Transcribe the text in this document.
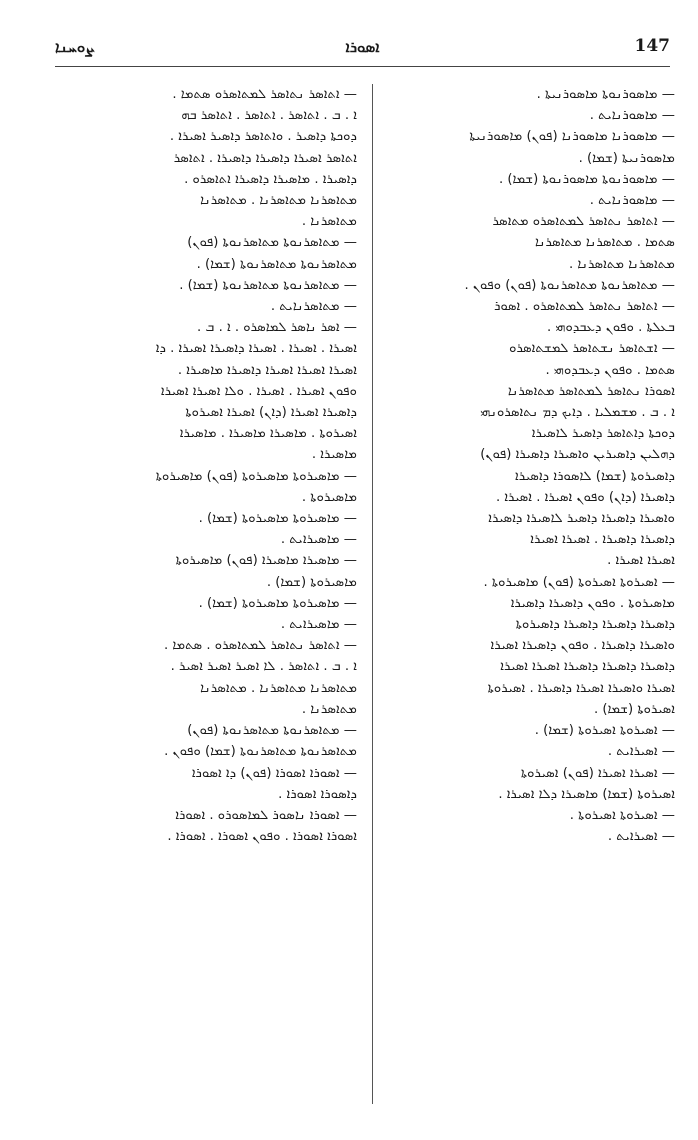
ܨܘܚܢܐ	ܐܣܘܪܐ	147
— ܡܐܣܘܪܢܘܬܐ ܡܐܣܘܪܢܝܬܐ .
— ܡܐܣܘܪܢܐܝܬ .
— ܡܐܣܘܪܢܐ ܡܐܣܘܪܢܐ (ܦܘܢ) ܡܐܣܘܪܢܝܬܐ
ܡܐܣܘܪܢܝܬܐ (ܫܡܐ) .
— ܡܐܣܘܪܢܘܬܐ ܡܐܣܘܪܢܘܬܐ (ܫܡܐ) .
— ܡܐܣܘܪܢܐܝܬ .
— ܐܬܐܣܪ ܢܬܐܣܪ ܠܡܬܐܣܪܘ ܡܬܐܣܪ
ܣܬܡܐ . ܡܬܐܣܪܢܐ ܡܬܐܣܪܢܐ
ܡܬܐܣܪܢܐ ܡܬܐܣܪܢܐ .
— ܡܬܐܣܪܢܘܬܐ ܡܬܐܣܪܢܘܬܐ (ܦܘܢ) ܘܦܘܢ .
— ܐܬܐܣܪ ܢܬܐܣܪ ܠܡܬܐܣܪܘ . ܐܣܘܪ
ܒܥܠܬܐ . ܘܦܘܢ ܕܥܒܕܘܗܝ .
— ܐܫܬܐܣܪ ܢܫܬܐܣܪ ܠܡܫܬܐܣܪܘ
ܣܬܡܐ . ܘܦܘܢ ܕܥܒܕܘܗܝ .
ܐܣܘܪܐ ܢܬܐܣܪ ܠܡܬܐܣܪ ܡܬܐܣܪܢܐ
ܐ . ܒ . ܡܫܡܠܝܐ . ܕܐܝܟ ܕܡ ܢܬܐܣܪܘܢܗܝ
ܕܘܟܬܐ ܕܐܬܐܣܪ ܕܐܣܝܪ ܠܐܣܝܪܐ
ܕܗܠܝܢ ܕܐܣܝܪܝܢ ܘܐܣܝܪܐ ܕܐܣܝܪܐ (ܦܘܢ)
ܕܐܣܝܪܘܬܐ (ܫܡܐ) ܠܐܣܘܪܐ ܕܐܣܝܪܐ
ܕܐܣܝܪܐ (ܕܐܢ) ܘܦܘܢ ܐܣܝܪܐ . ܐܣܝܪܐ .
ܘܐܣܝܪܐ ܕܐܣܝܪܐ ܕܐܣܝܪ ܠܐܣܝܪܐ ܕܐܣܝܪܐ
ܕܐܣܝܪܐ ܕܐܣܝܪܐ . ܐܣܝܪܐ ܐܣܝܪܐ
ܐܣܝܪܐ ܐܣܝܪܐ .
— ܐܣܝܪܘܬܐ ܐܣܝܪܘܬܐ (ܦܘܢ) ܡܐܣܝܪܘܬܐ .
ܡܐܣܝܪܘܬܐ . ܘܦܘܢ ܕܐܣܝܪܐ ܕܐܣܝܪܐ
ܕܐܣܝܪܐ ܕܐܣܝܪܐ ܕܐܣܝܪܐ ܕܐܣܝܪܘܬܐ
ܘܐܣܝܪܐ ܕܐܣܝܪܐ . ܘܦܘܢ ܕܐܣܝܪܐ ܐܣܝܪܐ
ܕܐܣܝܪܐ ܕܐܣܝܪܐ ܕܐܣܝܪܐ ܐܣܝܪܐ ܐܣܝܪܐ
ܐܣܝܪܐ ܘܐܣܝܪܐ ܐܣܝܪܐ ܕܐܣܝܪܐ . ܐܣܝܪܘܬܐ
ܐܣܝܪܘܬܐ (ܫܡܐ) .
— ܐܣܝܪܘܬܐ ܐܣܝܪܘܬܐ (ܫܡܐ) .
— ܐܣܝܪܐܝܬ .
— ܐܣܝܪܐ ܐܣܝܪܐ (ܦܘܢ) ܐܣܝܪܘܬܐ
ܐܣܝܪܘܬܐ (ܫܡܐ) ܡܐܣܝܪܐ ܕܠܐ ܐܣܝܪܐ .
— ܐܣܝܪܘܬܐ ܐܣܝܪܘܬܐ .
— ܐܣܝܪܐܝܬ .
— ܐܬܐܣܪ ܢܬܐܣܪ ܠܡܬܐܣܪܘ ܣܬܡܐ .
ܐ . ܒ . ܐܬܐܣܪ . ܐܬܐܣܪ . ܐܬܐܣܪ ܒܗ
ܕܘܟܬܐ ܕܐܣܝܪ . ܘܐܬܐܣܪ ܕܐܣܝܪ ܐܣܝܪܐ .
ܐܬܐܣܪ ܐܣܝܪܐ ܕܐܣܝܪܐ ܕܐܣܝܪܐ . ܐܬܐܣܪ
ܕܐܣܝܪܐ . ܡܐܣܝܪܐ ܕܐܣܝܪܐ ܐܬܐܣܪܘ .
ܡܬܐܣܪܢܐ ܡܬܐܣܪܢܐ . ܡܬܐܣܪܢܐ
ܡܬܐܣܪܢܐ .
— ܡܬܐܣܪܢܘܬܐ ܡܬܐܣܪܢܘܬܐ (ܦܘܢ)
ܡܬܐܣܪܢܘܬܐ ܡܬܐܣܪܢܘܬܐ (ܫܡܐ) .
— ܡܬܐܣܪܢܘܬܐ ܡܬܐܣܪܢܘܬܐ (ܫܡܐ) .
— ܡܬܐܣܪܢܐܝܬ .
— ܐܣܪ ܢܐܣܪ ܠܡܐܣܪܘ . ܐ . ܒ .
ܐܣܝܪܐ . ܐܣܝܪܐ . ܐܣܝܪܐ ܕܐܣܝܪܐ ܐܣܝܪܐ . ܕܐ
ܐܣܝܪܐ ܐܣܝܪܐ ܐܣܝܪܐ ܕܐܣܝܪܐ ܡܐܣܝܪܐ .
ܘܦܘܢ ܐܣܝܪܐ . ܐܣܝܪܐ . ܘܠܐ ܐܣܝܪܐ ܐܣܝܪܐ
ܕܐܣܝܪܐ ܐܣܝܪܐ (ܕܐܢ) ܐܣܝܪܐ ܐܣܝܪܘܬܐ
ܐܣܝܪܘܬܐ . ܡܐܣܝܪܐ ܡܐܣܝܪܐ . ܡܐܣܝܪܐ
ܡܐܣܝܪܐ .
— ܡܐܣܝܪܘܬܐ ܡܐܣܝܪܘܬܐ (ܦܘܢ) ܡܐܣܝܪܘܬܐ
ܡܐܣܝܪܘܬܐ .
— ܡܐܣܝܪܘܬܐ ܡܐܣܝܪܘܬܐ (ܫܡܐ) .
— ܡܐܣܝܪܐܝܬ .
— ܡܐܣܝܪܐ ܡܐܣܝܪܐ (ܦܘܢ) ܡܐܣܝܪܘܬܐ
ܡܐܣܝܪܘܬܐ (ܫܡܐ) .
— ܡܐܣܝܪܘܬܐ ܡܐܣܝܪܘܬܐ (ܫܡܐ) .
— ܡܐܣܝܪܐܝܬ .
— ܐܬܐܣܪ ܢܬܐܣܪ ܠܡܬܐܣܪܘ . ܣܬܡܐ .
ܐ . ܒ . ܐܬܐܣܪ . ܠܐ ܐܣܝܪ ܐܣܝܪ ܐܣܝܪ .
ܡܬܐܣܪܢܐ ܡܬܐܣܪܢܐ . ܡܬܐܣܪܢܐ
ܡܬܐܣܪܢܐ .
— ܡܬܐܣܪܢܘܬܐ ܡܬܐܣܪܢܘܬܐ (ܦܘܢ)
ܡܬܐܣܪܢܘܬܐ ܡܬܐܣܪܢܘܬܐ (ܫܡܐ) ܘܦܘܢ .
— ܐܣܘܪܐ ܐܣܘܪܐ (ܦܘܢ) ܕܐ ܐܣܘܪܐ
ܕܐܣܘܪܐ ܐܣܘܪܐ .
— ܐܣܘܪܐ ܢܐܣܘܪ ܠܡܐܣܘܪܘ . ܐܣܘܪܐ
ܐܣܘܪܐ ܐܣܘܪܐ . ܘܦܘܢ ܐܣܘܪܐ . ܐܣܘܪܐ .
